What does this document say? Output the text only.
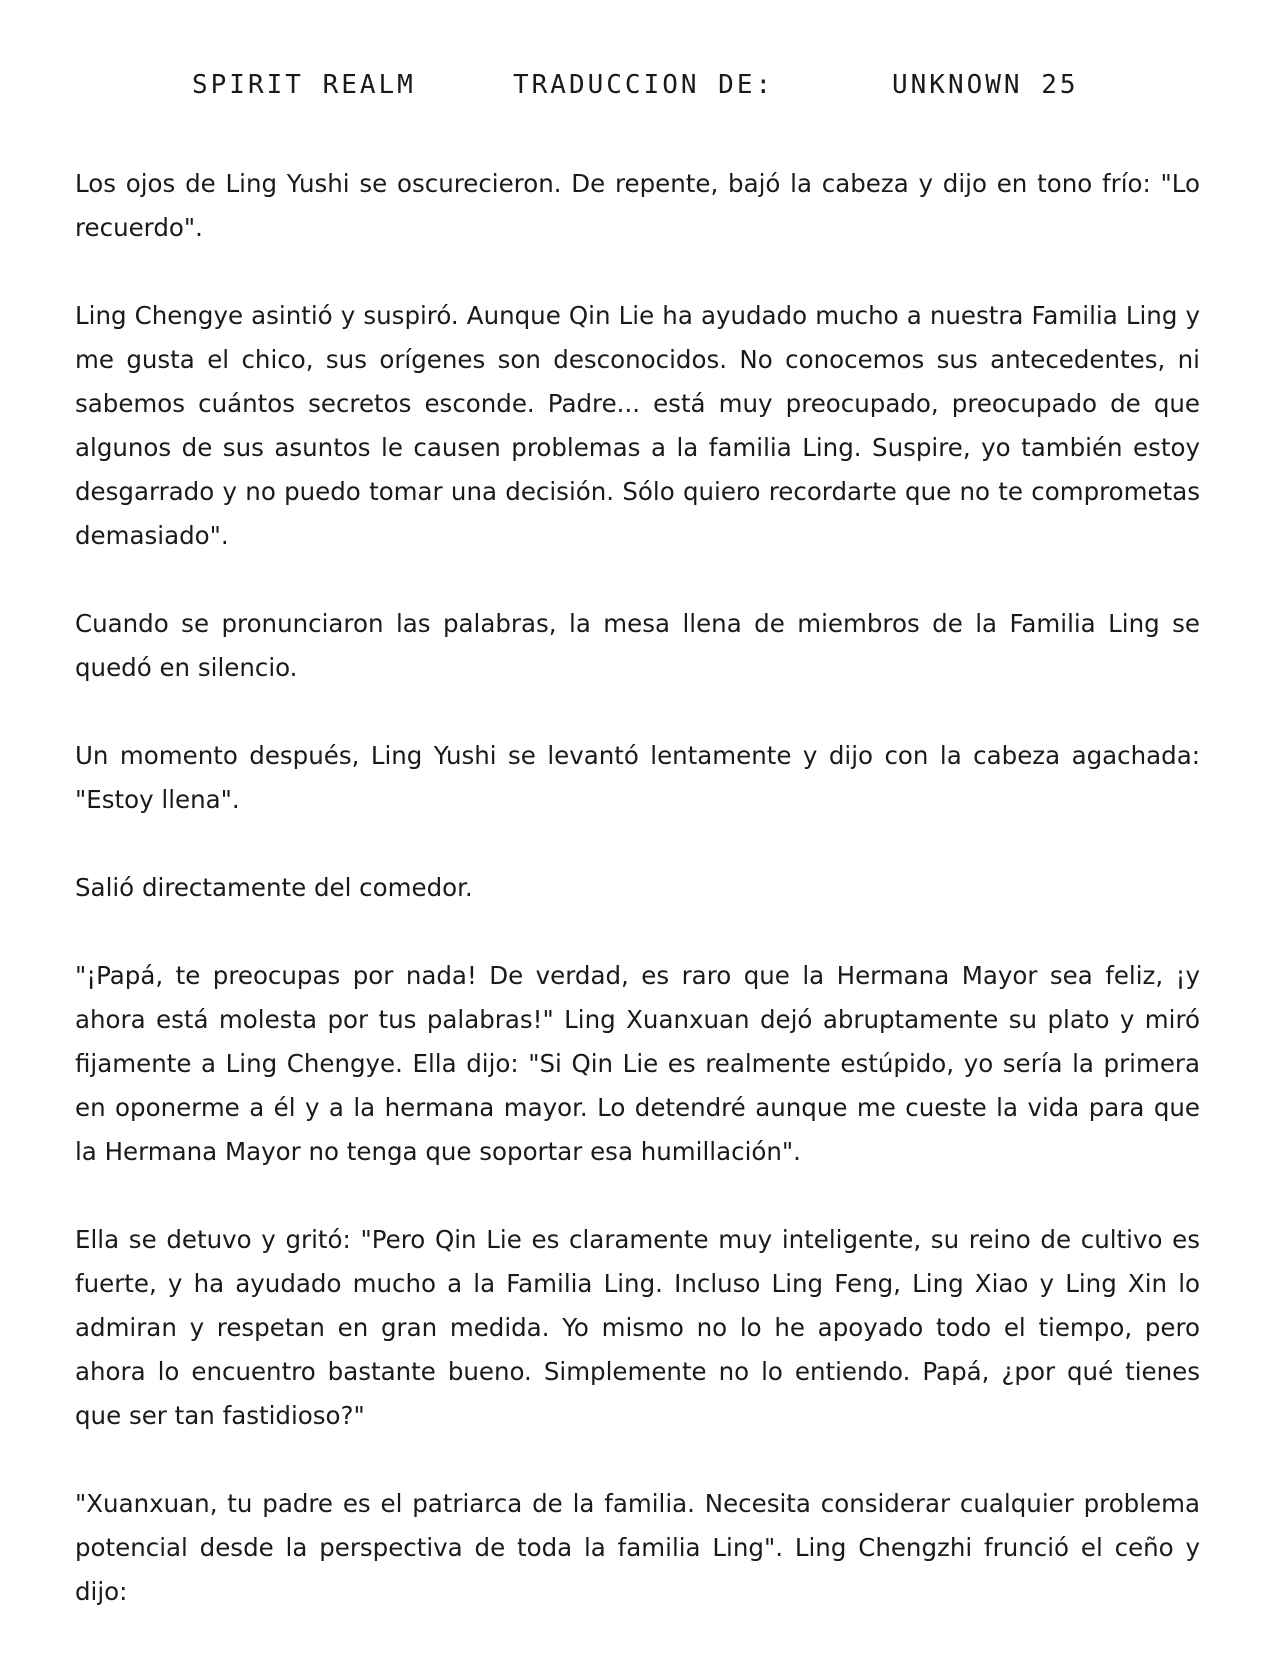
SPIRIT REALM	TRADUCCION DE:	UNKNOWN 25

Los ojos de Ling Yushi se oscurecieron. De repente, bajó la cabeza y dijo en tono frío: "Lo recuerdo".

Ling Chengye asintió y suspiró. Aunque Qin Lie ha ayudado mucho a nuestra Familia Ling y me gusta el chico, sus orígenes son desconocidos. No conocemos sus antecedentes, ni sabemos cuántos secretos esconde. Padre... está muy preocupado, preocupado de que algunos de sus asuntos le causen problemas a la familia Ling. Suspire, yo también estoy desgarrado y no puedo tomar una decisión. Sólo quiero recordarte que no te comprometas demasiado".

Cuando se pronunciaron las palabras, la mesa llena de miembros de la Familia Ling se quedó en silencio.

Un momento después, Ling Yushi se levantó lentamente y dijo con la cabeza agachada: "Estoy llena".

Salió directamente del comedor.

"¡Papá, te preocupas por nada! De verdad, es raro que la Hermana Mayor sea feliz, ¡y ahora está molesta por tus palabras!" Ling Xuanxuan dejó abruptamente su plato y miró fijamente a Ling Chengye. Ella dijo: "Si Qin Lie es realmente estúpido, yo sería la primera en oponerme a él y a la hermana mayor. Lo detendré aunque me cueste la vida para que la Hermana Mayor no tenga que soportar esa humillación".

Ella se detuvo y gritó: "Pero Qin Lie es claramente muy inteligente, su reino de cultivo es fuerte, y ha ayudado mucho a la Familia Ling. Incluso Ling Feng, Ling Xiao y Ling Xin lo admiran y respetan en gran medida. Yo mismo no lo he apoyado todo el tiempo, pero ahora lo encuentro bastante bueno. Simplemente no lo entiendo. Papá, ¿por qué tienes que ser tan fastidioso?"

"Xuanxuan, tu padre es el patriarca de la familia. Necesita considerar cualquier problema potencial desde la perspectiva de toda la familia Ling". Ling Chengzhi frunció el ceño y dijo:
